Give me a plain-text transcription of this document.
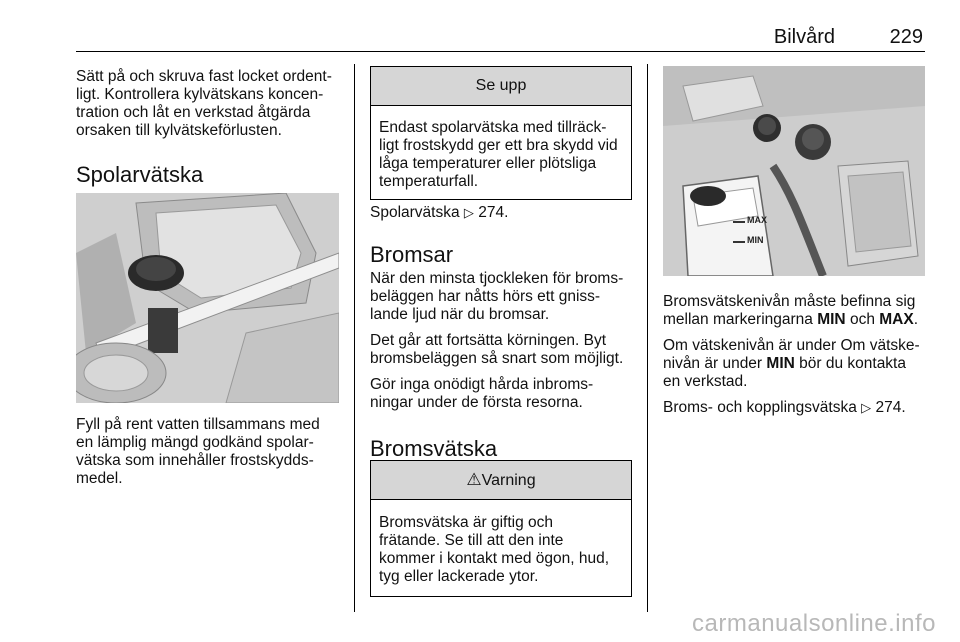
Bilvård	229
Sätt på och skruva fast locket ordent-
ligt. Kontrollera kylvätskans koncen-
tration och låt en verkstad åtgärda
orsaken till kylvätskeförlusten.
Spolarvätska
Fyll på rent vatten tillsammans med
en lämplig mängd godkänd spolar-
vätska som innehåller frostskydds-
medel.
Se upp
Endast spolarvätska med tillräck-
ligt frostskydd ger ett bra skydd vid
låga temperaturer eller plötsliga
temperaturfall.

Spolarvätska ▷ 274.

Bromsar

När den minsta tjockleken för broms-
beläggen har nåtts hörs ett gniss-
lande ljud när du bromsar.

Det går att fortsätta körningen. Byt
bromsbeläggen så snart som möjligt.

Gör inga onödigt hårda inbroms-
ningar under de första resorna.

Bromsvätska
⚠Varning
Bromsvätska är giftig och
frätande. Se till att den inte
kommer i kontakt med ögon, hud,
tyg eller lackerade ytor.
MAX
MIN

Bromsvätskenivån måste befinna sig
mellan markeringarna MIN och MAX.

Om vätskenivån är under Om vätske-
nivån är under MIN bör du kontakta
en verkstad.

Broms- och kopplingsvätska ▷ 274.

carmanualsonline.info
